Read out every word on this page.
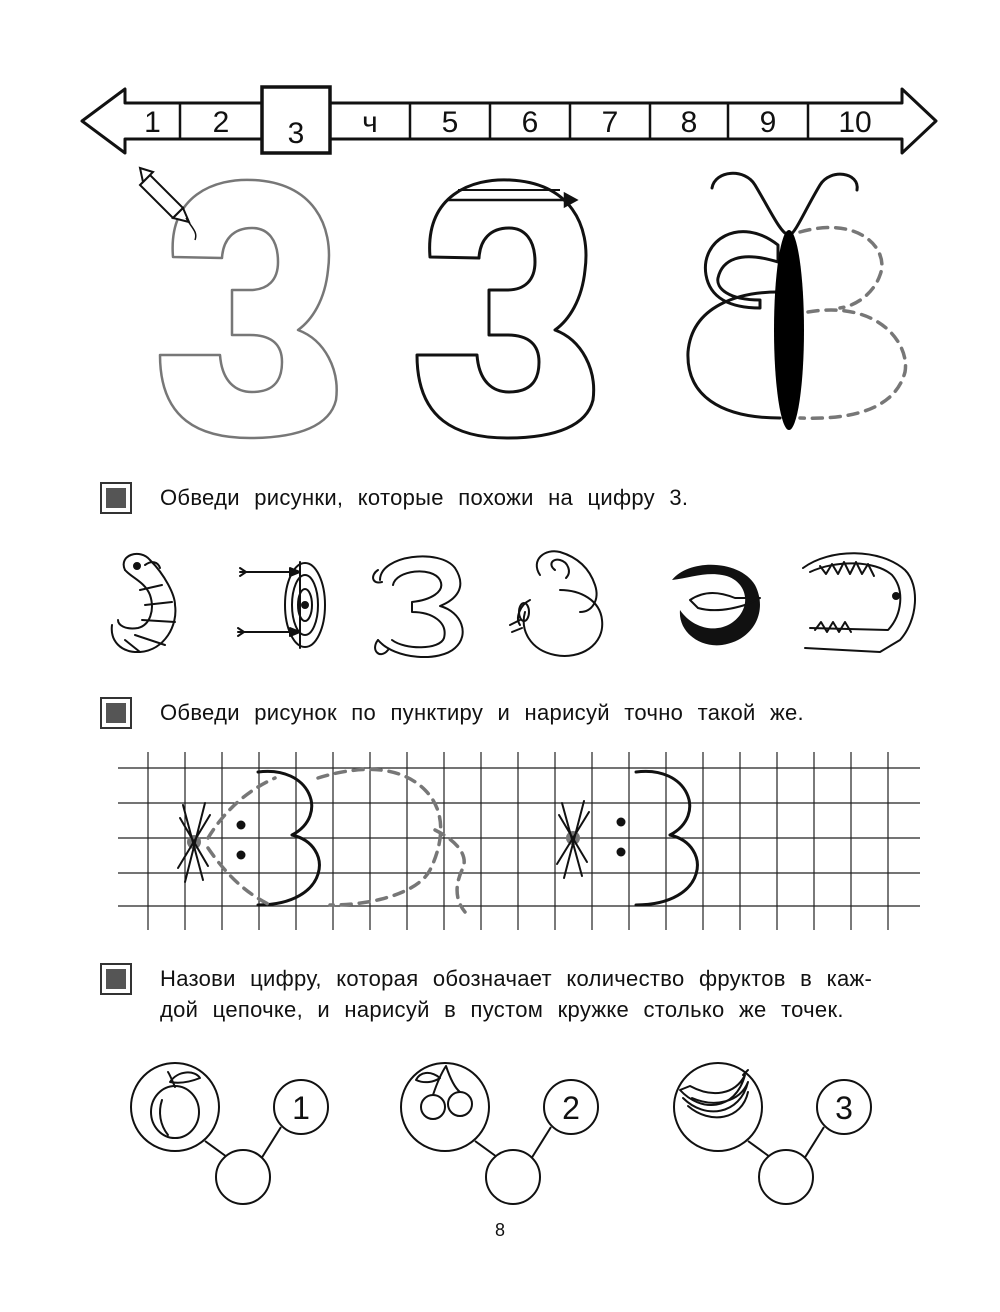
1 2 3 ч 5 6 7 8 9 10
Обведи рисунки, которые похожи на цифру 3.
Обведи рисунок по пунктиру и нарисуй точно такой же.
Назови цифру, которая обозначает количество фруктов в каж-
дой цепочке, и нарисуй в пустом кружке столько же точек.
1	2	3
8
